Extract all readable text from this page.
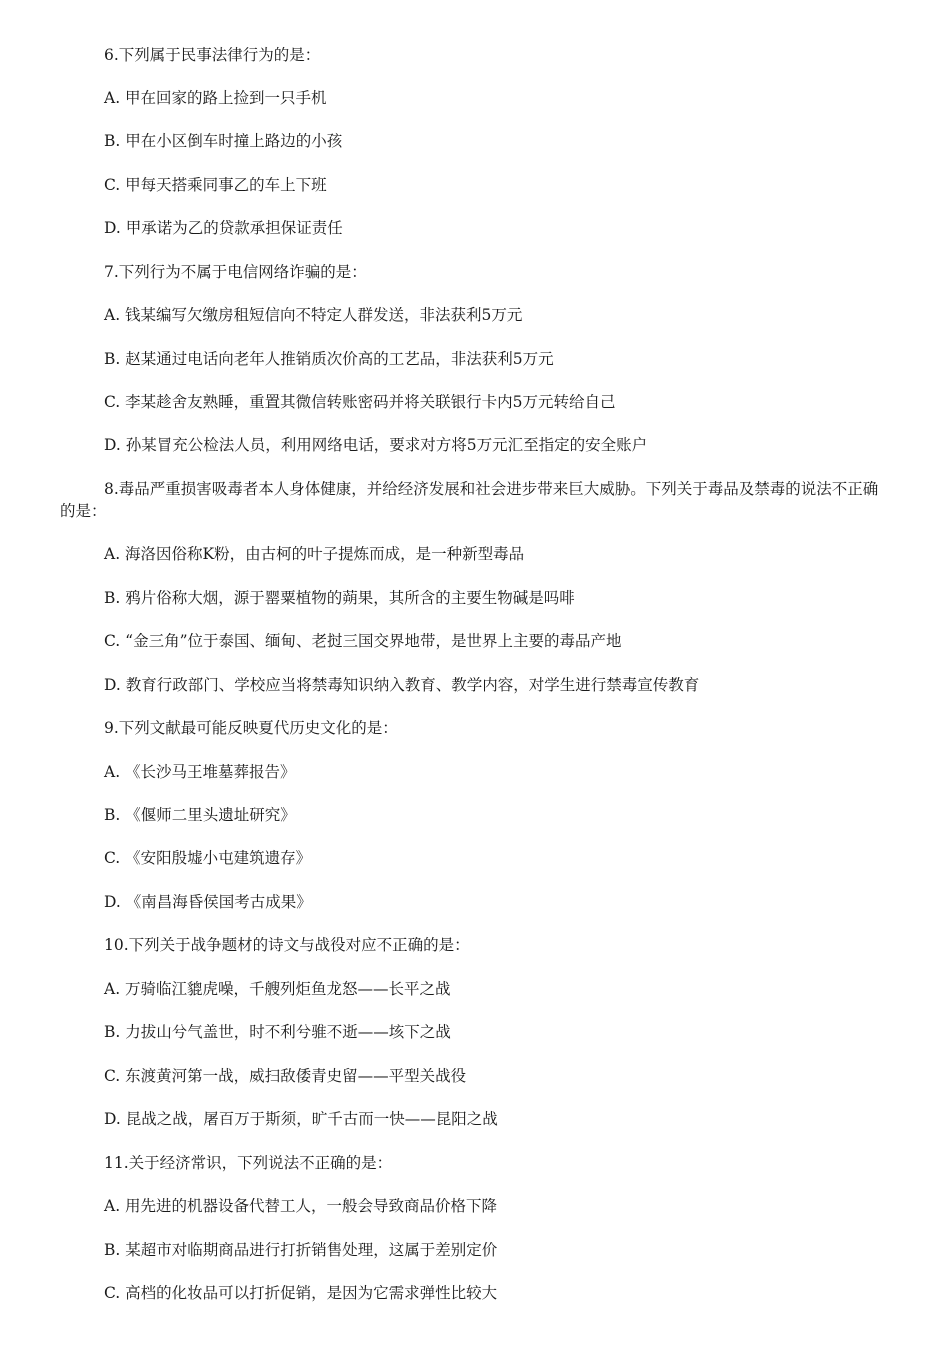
6.下列属于民事法律行为的是：
A. 甲在回家的路上捡到一只手机
B. 甲在小区倒车时撞上路边的小孩
C. 甲每天搭乘同事乙的车上下班
D. 甲承诺为乙的贷款承担保证责任
7.下列行为不属于电信网络诈骗的是：
A. 钱某编写欠缴房租短信向不特定人群发送，非法获利5万元
B. 赵某通过电话向老年人推销质次价高的工艺品，非法获利5万元
C. 李某趁舍友熟睡，重置其微信转账密码并将关联银行卡内5万元转给自己
D. 孙某冒充公检法人员，利用网络电话，要求对方将5万元汇至指定的安全账户
8.毒品严重损害吸毒者本人身体健康，并给经济发展和社会进步带来巨大威胁。下列关于毒品及禁毒的说法不正确的是：
A. 海洛因俗称K粉，由古柯的叶子提炼而成，是一种新型毒品
B. 鸦片俗称大烟，源于罂粟植物的蒴果，其所含的主要生物碱是吗啡
C. “金三角”位于泰国、缅甸、老挝三国交界地带，是世界上主要的毒品产地
D. 教育行政部门、学校应当将禁毒知识纳入教育、教学内容，对学生进行禁毒宣传教育
9.下列文献最可能反映夏代历史文化的是：
A. 《长沙马王堆墓葬报告》
B. 《偃师二里头遗址研究》
C. 《安阳殷墟小屯建筑遗存》
D. 《南昌海昏侯国考古成果》
10.下列关于战争题材的诗文与战役对应不正确的是：
A. 万骑临江貔虎噪，千艘列炬鱼龙怒——长平之战
B. 力拔山兮气盖世，时不利兮骓不逝——垓下之战
C. 东渡黄河第一战，威扫敌倭青史留——平型关战役
D. 昆战之战，屠百万于斯须，旷千古而一快——昆阳之战
11.关于经济常识，下列说法不正确的是：
A. 用先进的机器设备代替工人，一般会导致商品价格下降
B. 某超市对临期商品进行打折销售处理，这属于差别定价
C. 高档的化妆品可以打折促销，是因为它需求弹性比较大
